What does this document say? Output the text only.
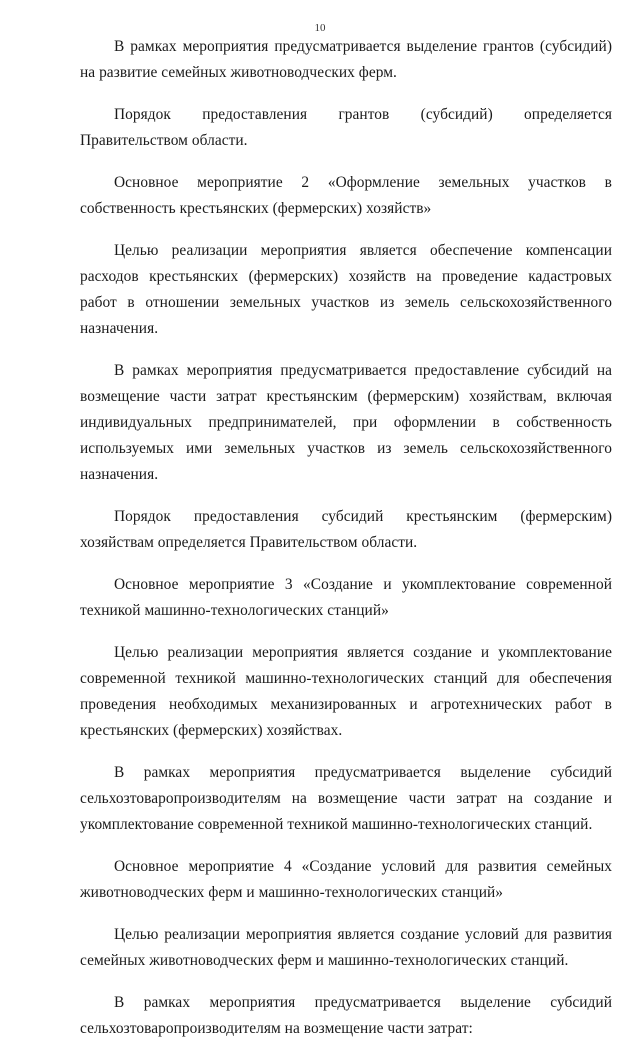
10

В рамках мероприятия предусматривается выделение грантов (субсидий) на развитие семейных животноводческих ферм.

Порядок предоставления грантов (субсидий) определяется Правительством области.

Основное мероприятие 2 «Оформление земельных участков в собственность крестьянских (фермерских) хозяйств»

Целью реализации мероприятия является обеспечение компенсации расходов крестьянских (фермерских) хозяйств на проведение кадастровых работ в отношении земельных участков из земель сельскохозяйственного назначения.

В рамках мероприятия предусматривается предоставление субсидий на возмещение части затрат крестьянским (фермерским) хозяйствам, включая индивидуальных предпринимателей, при оформлении в собственность используемых ими земельных участков из земель сельскохозяйственного назначения.

Порядок предоставления субсидий крестьянским (фермерским) хозяйствам определяется Правительством области.

Основное мероприятие 3 «Создание и укомплектование современной техникой машинно-технологических станций»

Целью реализации мероприятия является создание и укомплектование современной техникой машинно-технологических станций для обеспечения проведения необходимых механизированных и агротехнических работ в крестьянских (фермерских) хозяйствах.

В рамках мероприятия предусматривается выделение субсидий сельхозтоваропроизводителям на возмещение части затрат на создание и укомплектование современной техникой машинно-технологических станций.

Основное мероприятие 4 «Создание условий для развития семейных животноводческих ферм и машинно-технологических станций»

Целью реализации мероприятия является создание условий для развития семейных животноводческих ферм и машинно-технологических станций.

В рамках мероприятия предусматривается выделение субсидий сельхозтоваропроизводителям на возмещение части затрат:
